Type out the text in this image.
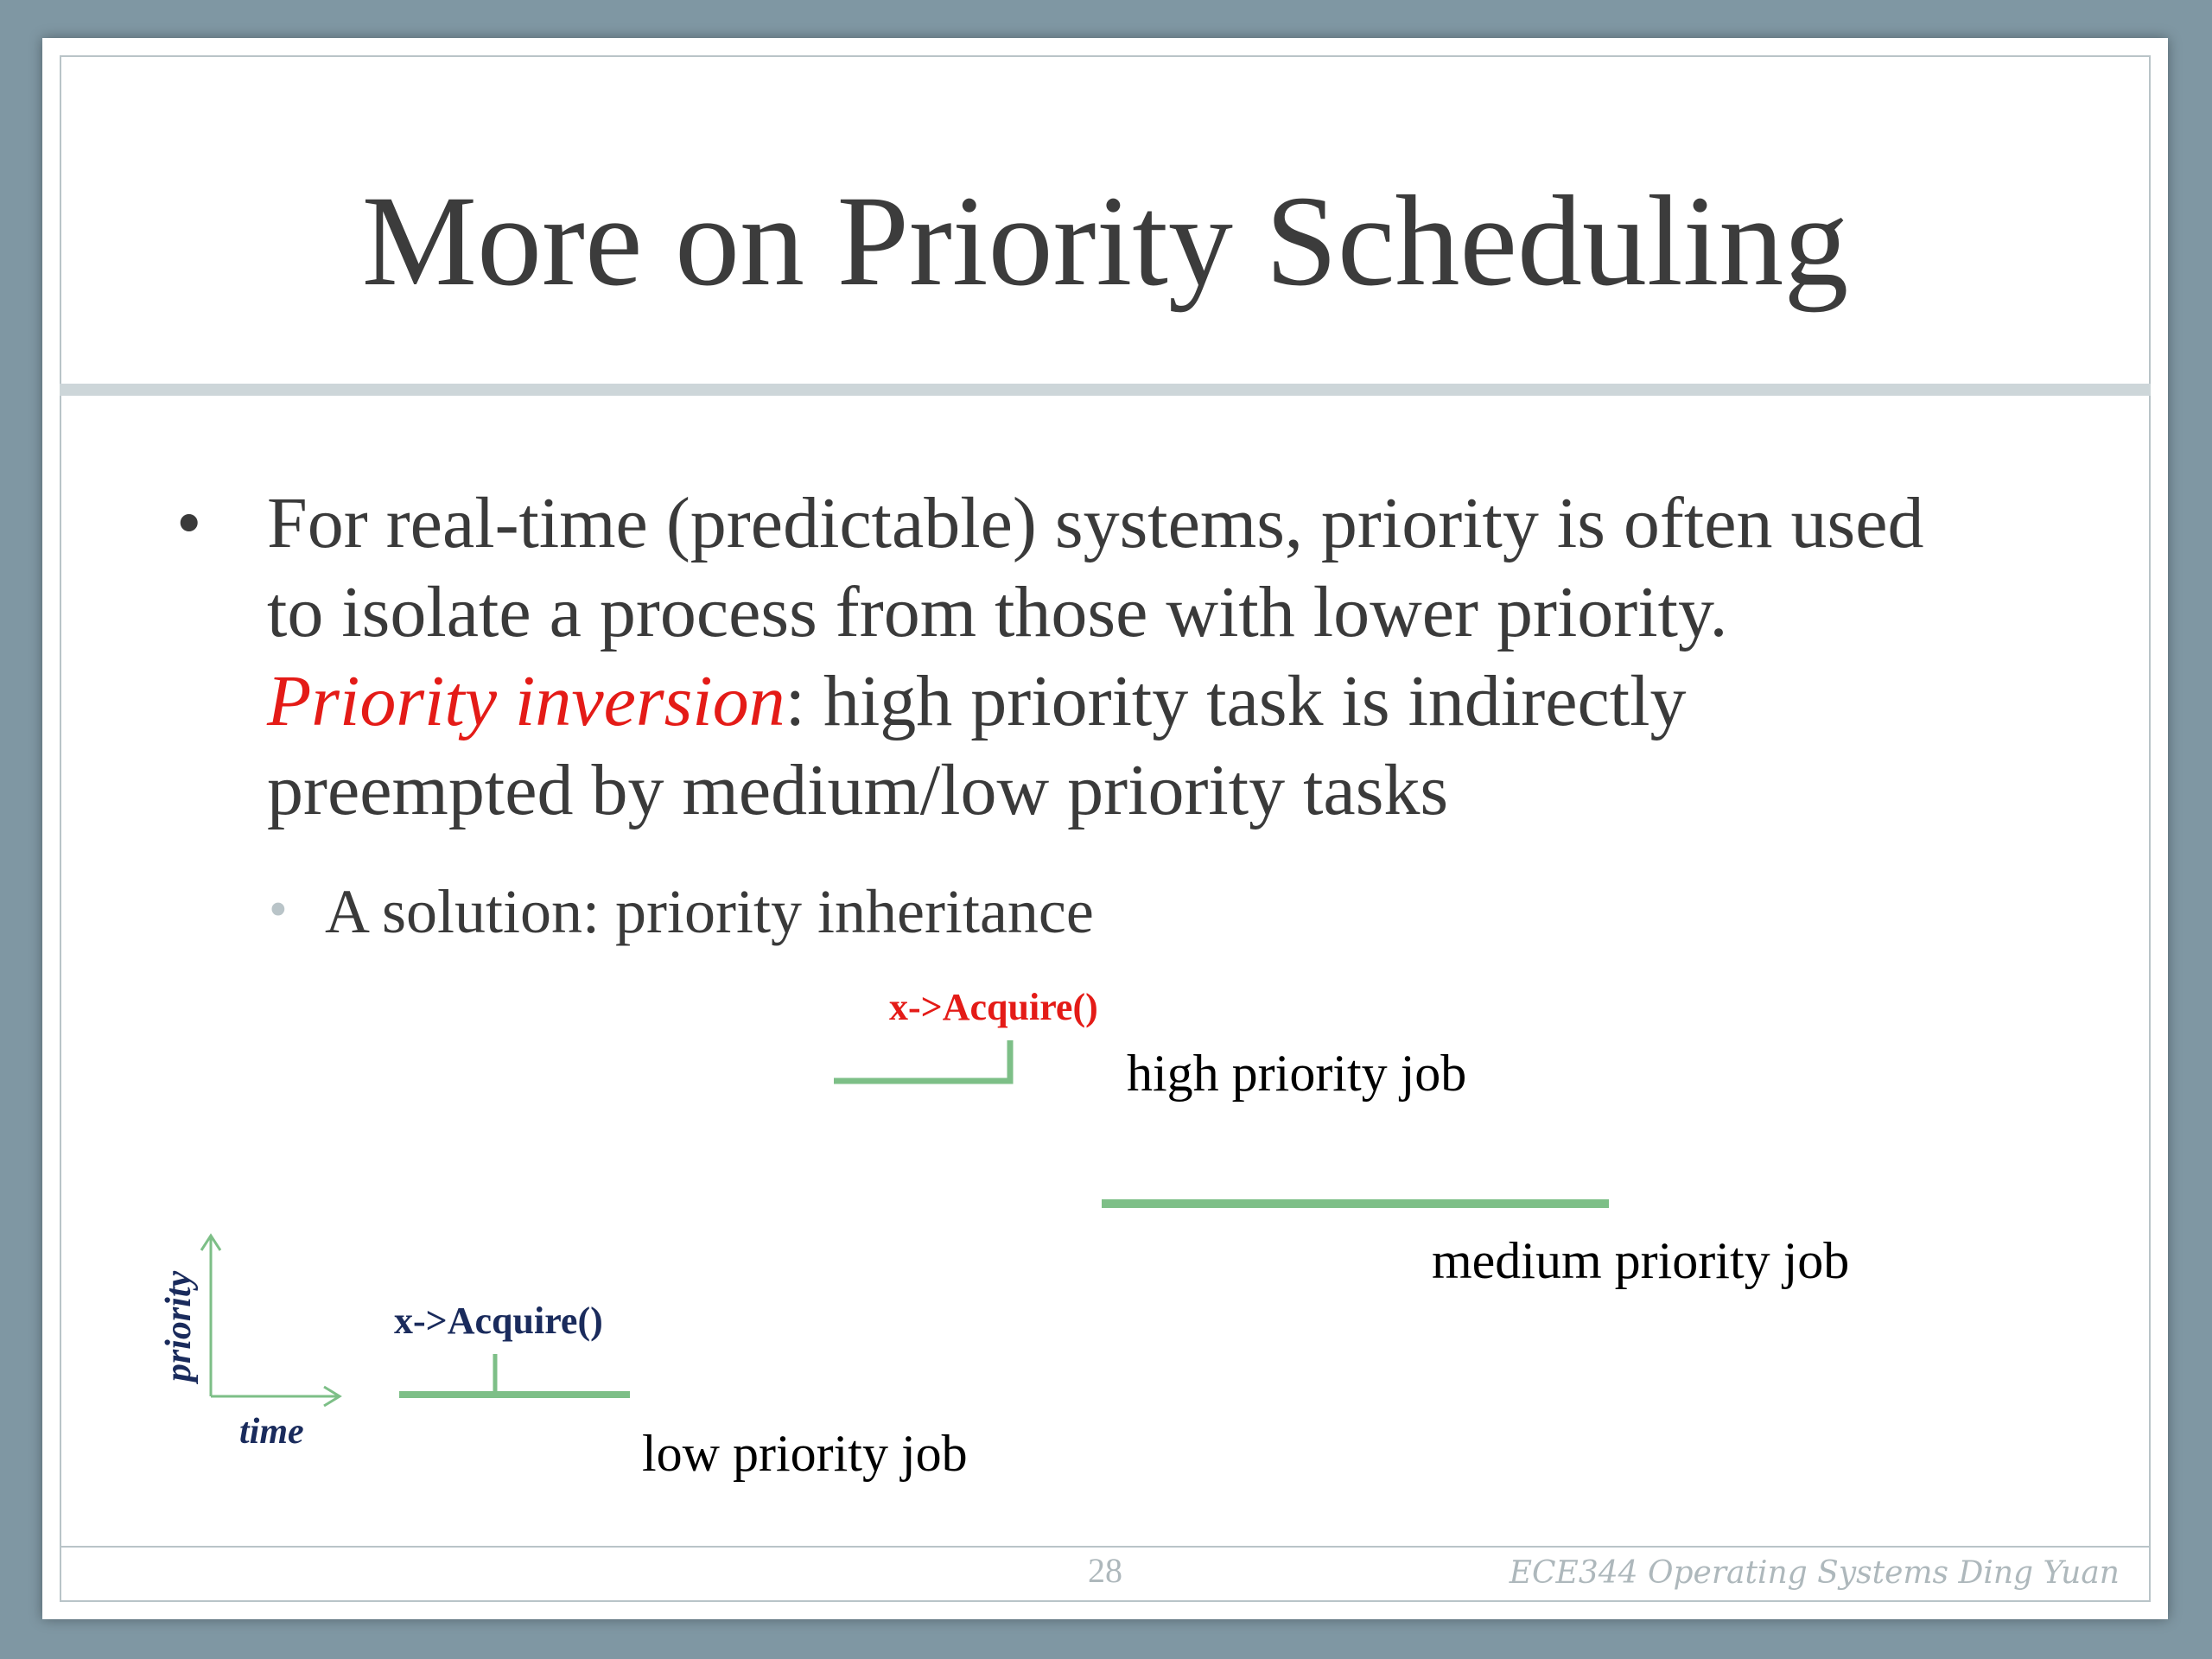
More on Priority Scheduling
• For real-time (predictable) systems, priority is often used to isolate a process from those with lower priority. Priority inversion: high priority task is indirectly preempted by medium/low priority tasks
• A solution: priority inheritance
x->Acquire()
high priority job
medium priority job
x->Acquire()
low priority job
priority
time
28	ECE344 Operating Systems Ding Yuan
